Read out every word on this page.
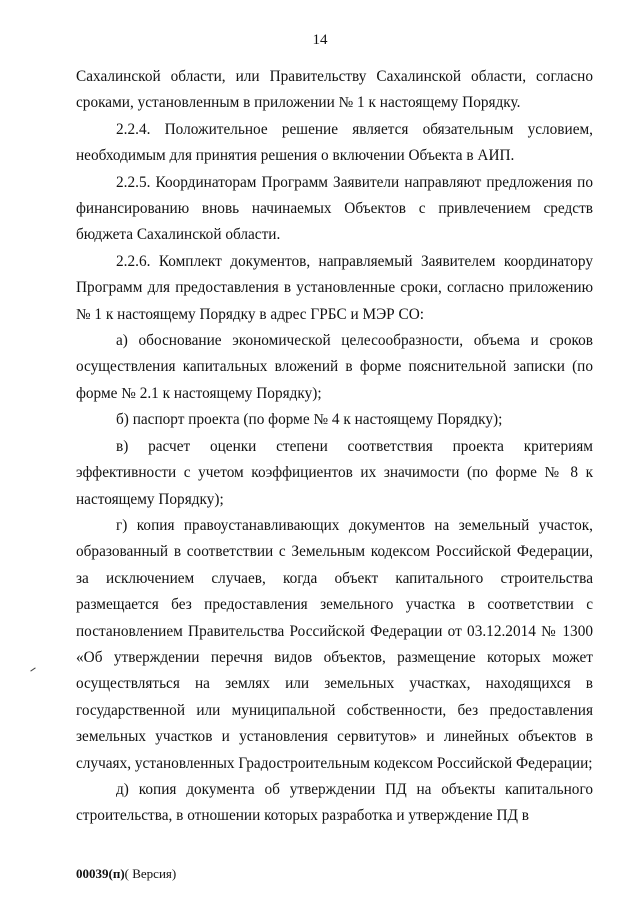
14

Сахалинской области, или Правительству Сахалинской области, согласно сроками, установленным в приложении № 1 к настоящему Порядку.

2.2.4. Положительное решение является обязательным условием, необходимым для принятия решения о включении Объекта в АИП.

2.2.5. Координаторам Программ Заявители направляют предложения по финансированию вновь начинаемых Объектов с привлечением средств бюджета Сахалинской области.

2.2.6. Комплект документов, направляемый Заявителем координатору Программ для предоставления в установленные сроки, согласно приложению № 1 к настоящему Порядку в адрес ГРБС и МЭР СО:

а) обоснование экономической целесообразности, объема и сроков осуществления капитальных вложений в форме пояснительной записки (по форме № 2.1 к настоящему Порядку);

б) паспорт проекта (по форме № 4 к настоящему Порядку);

в) расчет оценки степени соответствия проекта критериям эффективности с учетом коэффициентов их значимости (по форме № 8 к настоящему Порядку);

г) копия правоустанавливающих документов на земельный участок, образованный в соответствии с Земельным кодексом Российской Федерации, за исключением случаев, когда объект капитального строительства размещается без предоставления земельного участка в соответствии с постановлением Правительства Российской Федерации от 03.12.2014 № 1300 «Об утверждении перечня видов объектов, размещение которых может осуществляться на землях или земельных участках, находящихся в государственной или муниципальной собственности, без предоставления земельных участков и установления сервитутов» и линейных объектов в случаях, установленных Градостроительным кодексом Российской Федерации;

д) копия документа об утверждении ПД на объекты капитального строительства, в отношении которых разработка и утверждение ПД в

00039(п)( Версия)
